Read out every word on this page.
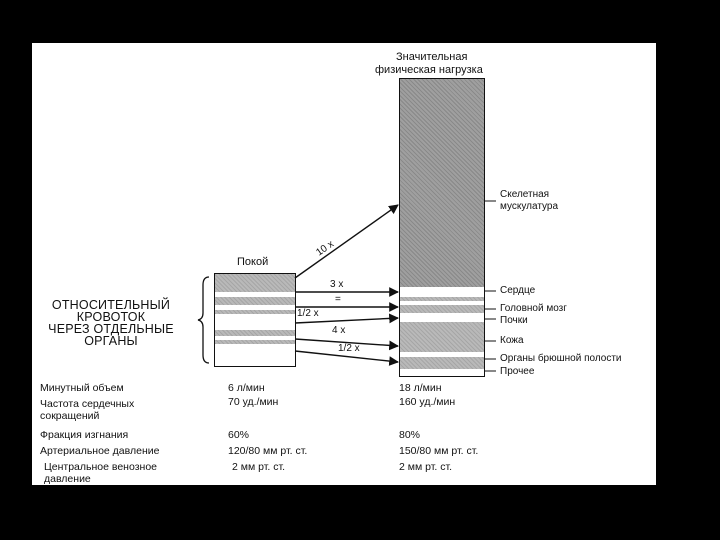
Покой
Значительная
физическая нагрузка
ОТНОСИТЕЛЬНЫЙ
КРОВОТОК
ЧЕРЕЗ ОТДЕЛЬНЫЕ
ОРГАНЫ
10 х
3 х
=
1/2 х
4 х
1/2 х
Скелетная мускулатура
Сердце
Головной мозг
Почки
Кожа
Органы брюшной полости
Прочее
Минутный объем	6 л/мин	18 л/мин
Частота сердечных сокращений
70 уд./мин	160 уд./мин
Фракция изгнания	60%	80%
Артериальное давление	120/80 мм рт. ст.	150/80 мм рт. ст.
Центральное венозное давление
2 мм рт. ст.	2 мм рт. ст.
